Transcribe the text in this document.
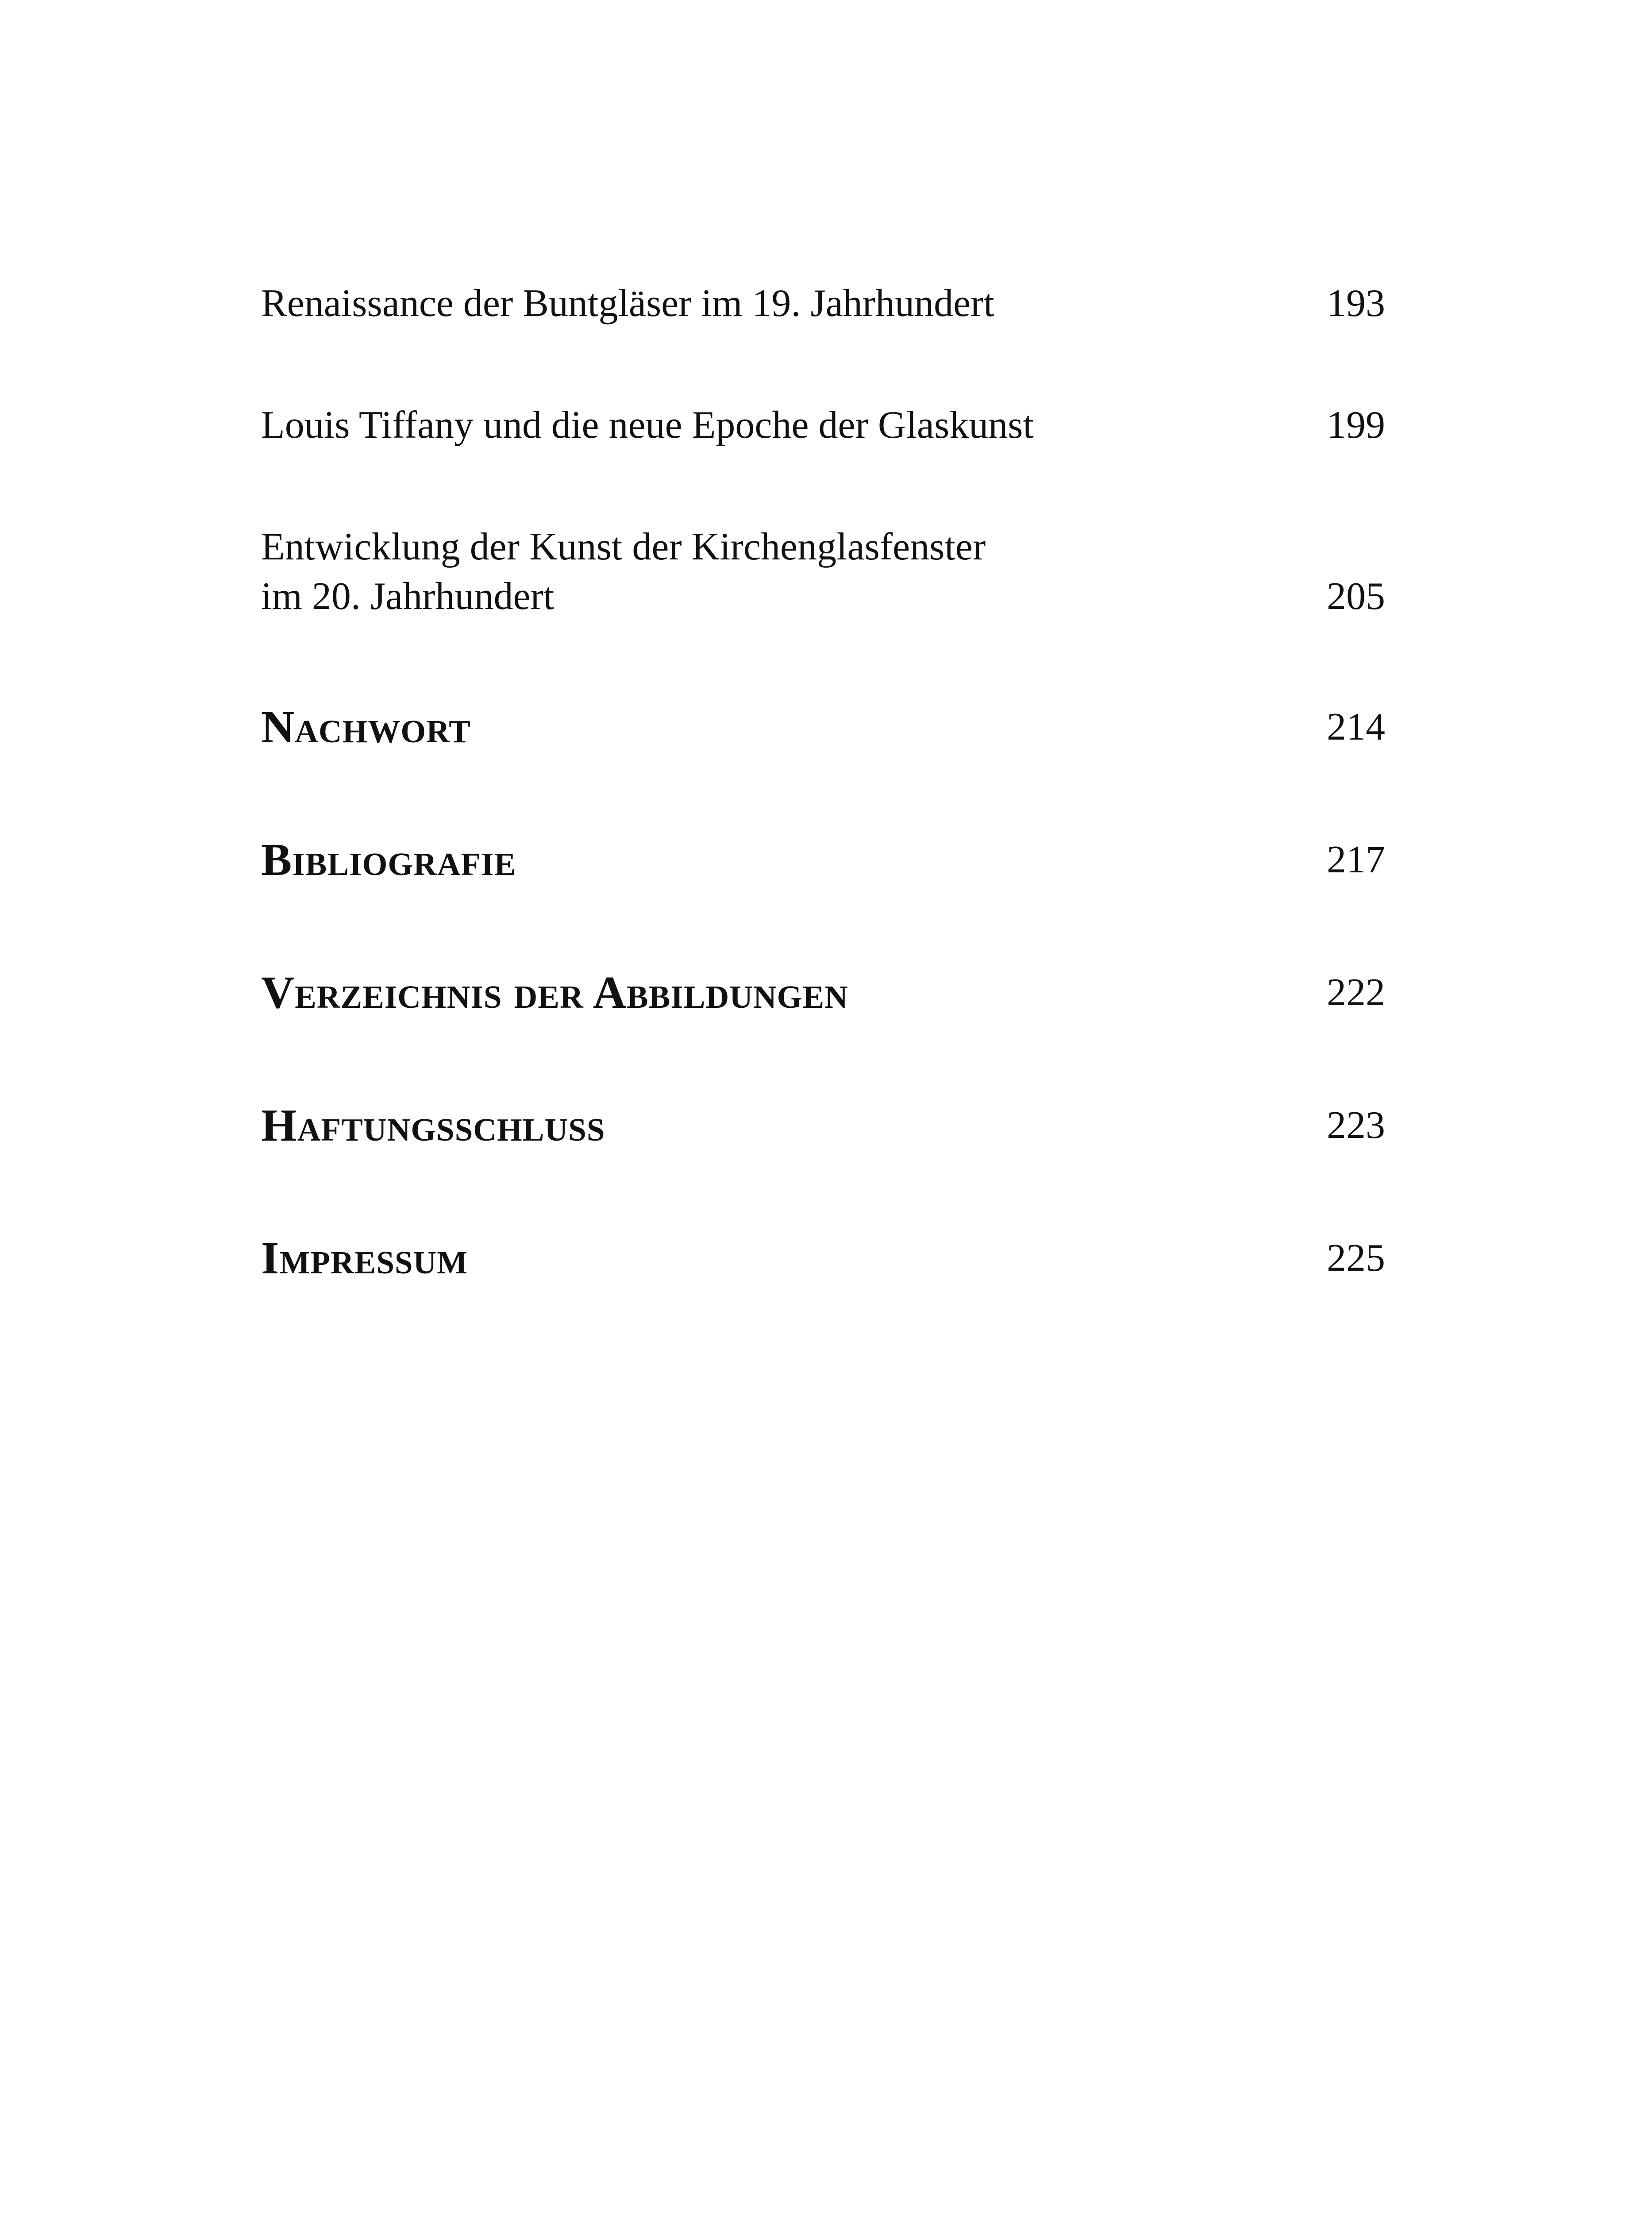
Renaissance der Buntgläser im 19. Jahrhundert	193
Louis Tiffany und die neue Epoche der Glaskunst	199
Entwicklung der Kunst der Kirchenglasfenster
im 20. Jahrhundert	205
Nachwort	214
Bibliografie	217
Verzeichnis der Abbildungen	222
Haftungsschluss	223
Impressum	225
